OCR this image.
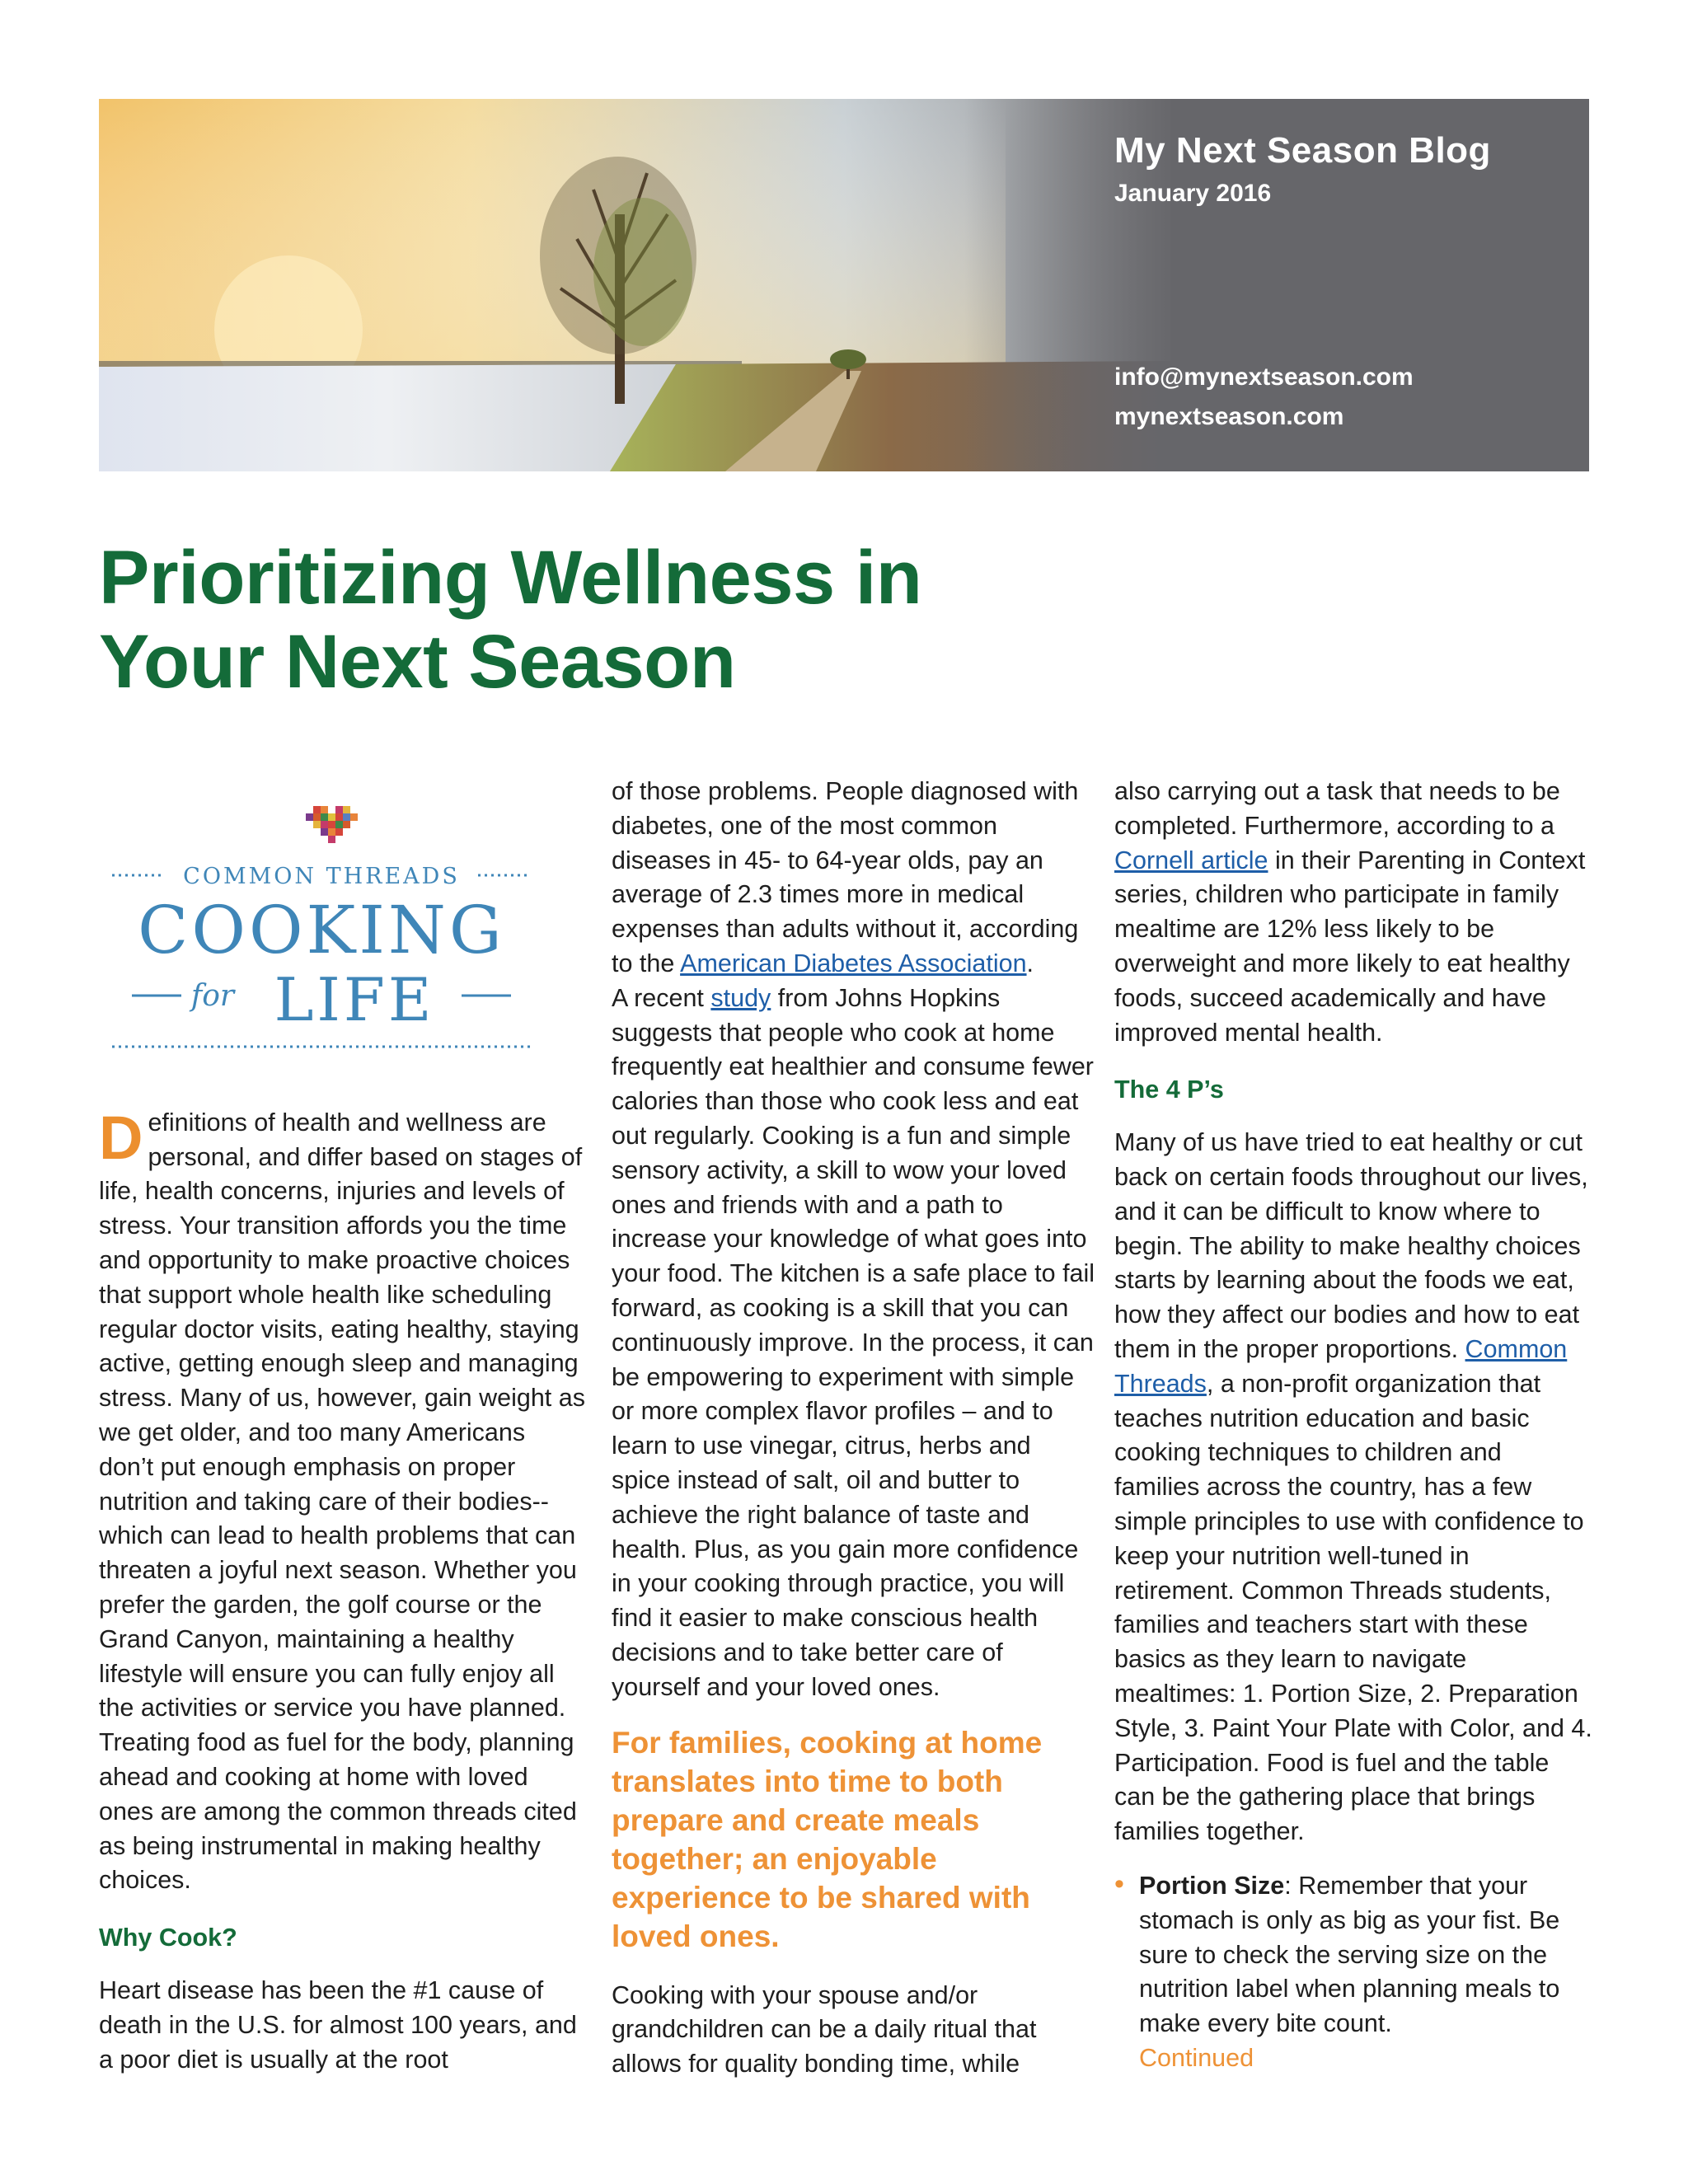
My Next Season Blog
January 2016
info@mynextseason.com
mynextseason.com
Prioritizing Wellness in
Your Next Season
COMMON THREADS
COOKING
for LIFE

Definitions of health and wellness are personal, and differ based on stages of life, health concerns, injuries and levels of stress. Your transition affords you the time and opportunity to make proactive choices that support whole health like scheduling regular doctor visits, eating healthy, staying active, getting enough sleep and managing stress. Many of us, however, gain weight as we get older, and too many Americans don’t put enough emphasis on proper nutrition and taking care of their bodies--which can lead to health problems that can threaten a joyful next season. Whether you prefer the garden, the golf course or the Grand Canyon, maintaining a healthy lifestyle will ensure you can fully enjoy all the activities or service you have planned. Treating food as fuel for the body, planning ahead and cooking at home with loved ones are among the common threads cited as being instrumental in making healthy choices.

Why Cook?

Heart disease has been the #1 cause of death in the U.S. for almost 100 years, and a poor diet is usually at the root

of those problems. People diagnosed with diabetes, one of the most common diseases in 45- to 64-year olds, pay an average of 2.3 times more in medical expenses than adults without it, according to the American Diabetes Association.

A recent study from Johns Hopkins suggests that people who cook at home frequently eat healthier and consume fewer calories than those who cook less and eat out regularly. Cooking is a fun and simple sensory activity, a skill to wow your loved ones and friends with and a path to increase your knowledge of what goes into your food. The kitchen is a safe place to fail forward, as cooking is a skill that you can continuously improve. In the process, it can be empowering to experiment with simple or more complex flavor profiles – and to learn to use vinegar, citrus, herbs and spice instead of salt, oil and butter to achieve the right balance of taste and health. Plus, as you gain more confidence in your cooking through practice, you will find it easier to make conscious health decisions and to take better care of yourself and your loved ones.

For families, cooking at home translates into time to both prepare and create meals together; an enjoyable experience to be shared with loved ones.

Cooking with your spouse and/or grandchildren can be a daily ritual that allows for quality bonding time, while

also carrying out a task that needs to be completed. Furthermore, according to a Cornell article in their Parenting in Context series, children who participate in family mealtime are 12% less likely to be overweight and more likely to eat healthy foods, succeed academically and have improved mental health.

The 4 P’s

Many of us have tried to eat healthy or cut back on certain foods throughout our lives, and it can be difficult to know where to begin. The ability to make healthy choices starts by learning about the foods we eat, how they affect our bodies and how to eat them in the proper proportions. Common Threads, a non-profit organization that teaches nutrition education and basic cooking techniques to children and families across the country, has a few simple principles to use with confidence to keep your nutrition well-tuned in retirement. Common Threads students, families and teachers start with these basics as they learn to navigate mealtimes: 1. Portion Size, 2. Preparation Style, 3. Paint Your Plate with Color, and 4. Participation. Food is fuel and the table can be the gathering place that brings families together.

• Portion Size: Remember that your stomach is only as big as your fist. Be sure to check the serving size on the nutrition label when planning meals to make every bite count.
Continued
